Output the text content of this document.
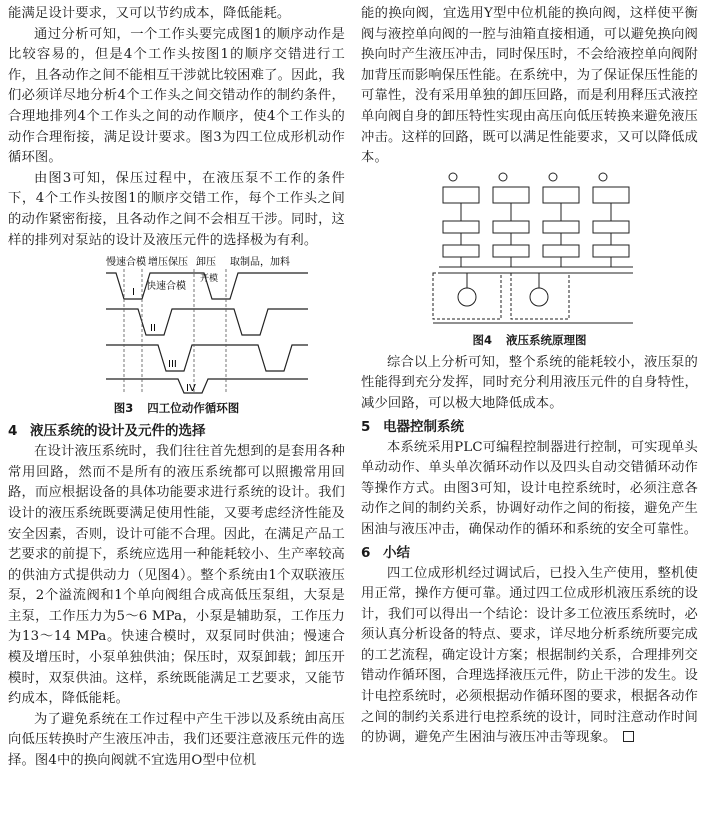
能满足设计要求，又可以节约成本，降低能耗。

通过分析可知，一个工作头要完成图1的顺序动作是比较容易的，但是4个工作头按图1的顺序交错进行工作，且各动作之间不能相互干涉就比较困难了。因此，我们必须详尽地分析4个工作头之间交错动作的制约条件，合理地排列4个工作头之间的动作顺序，使4个工作头的动作合理衔接，满足设计要求。图3为四工位成形机动作循环图。

由图3可知，保压过程中，在液压泵不工作的条件下，4个工作头按图1的顺序交错工作，每个工作头之间的动作紧密衔接，且各动作之间不会相互干涉。同时，这样的排列对泵站的设计及液压元件的选择极为有利。

慢速合模 增压保压 卸压 取制品，加料
快速合模
开模
I
II
III
IV
图3 四工位动作循环图
4 液压系统的设计及元件的选择

在设计液压系统时，我们往往首先想到的是套用各种常用回路，然而不是所有的液压系统都可以照搬常用回路，而应根据设备的具体功能要求进行系统的设计。我们设计的液压系统既要满足使用性能，又要考虑经济性能及安全因素，否则，设计可能不合理。因此，在满足产品工艺要求的前提下，系统应选用一种能耗较小、生产率较高的供油方式提供动力（见图4）。整个系统由1个双联液压泵，2个溢流阀和1个单向阀组合成高低压泵组，大泵是主泵，工作压力为5～6 MPa，小泵是辅助泵，工作压力为13～14 MPa。快速合模时，双泵同时供油；慢速合模及增压时，小泵单独供油；保压时，双泵卸载；卸压开模时，双泵供油。这样，系统既能满足工艺要求，又能节约成本，降低能耗。

为了避免系统在工作过程中产生干涉以及系统由高压向低压转换时产生液压冲击，我们还要注意液压元件的选择。图4中的换向阀就不宜选用O型中位机

能的换向阀，宜选用Y型中位机能的换向阀，这样使平衡阀与液控单向阀的一腔与油箱直接相通，可以避免换向阀换向时产生液压冲击，同时保压时，不会给液控单向阀附加背压而影响保压性能。在系统中，为了保证保压性能的可靠性，没有采用单独的卸压回路，而是利用释压式液控单向阀自身的卸压特性实现由高压向低压转换来避免液压冲击。这样的回路，既可以满足性能要求，又可以降低成本。

图4 液压系统原理图

综合以上分析可知，整个系统的能耗较小，液压泵的性能得到充分发挥，同时充分利用液压元件的自身特性，减少回路，可以极大地降低成本。

5 电器控制系统

本系统采用PLC可编程控制器进行控制，可实现单头单动动作、单头单次循环动作以及四头自动交错循环动作等操作方式。由图3可知，设计电控系统时，必须注意各动作之间的制约关系，协调好动作之间的衔接，避免产生困油与液压冲击，确保动作的循环和系统的安全可靠性。

6 小结

四工位成形机经过调试后，已投入生产使用，整机使用正常，操作方便可靠。通过四工位成形机液压系统的设计，我们可以得出一个结论：设计多工位液压系统时，必须认真分析设备的特点、要求，详尽地分析系统所要完成的工艺流程，确定设计方案；根据制约关系，合理排列交错动作循环图，合理选择液压元件，防止干涉的发生。设计电控系统时，必须根据动作循环图的要求，根据各动作之间的制约关系进行电控系统的设计，同时注意动作时间的协调，避免产生困油与液压冲击等现象。
